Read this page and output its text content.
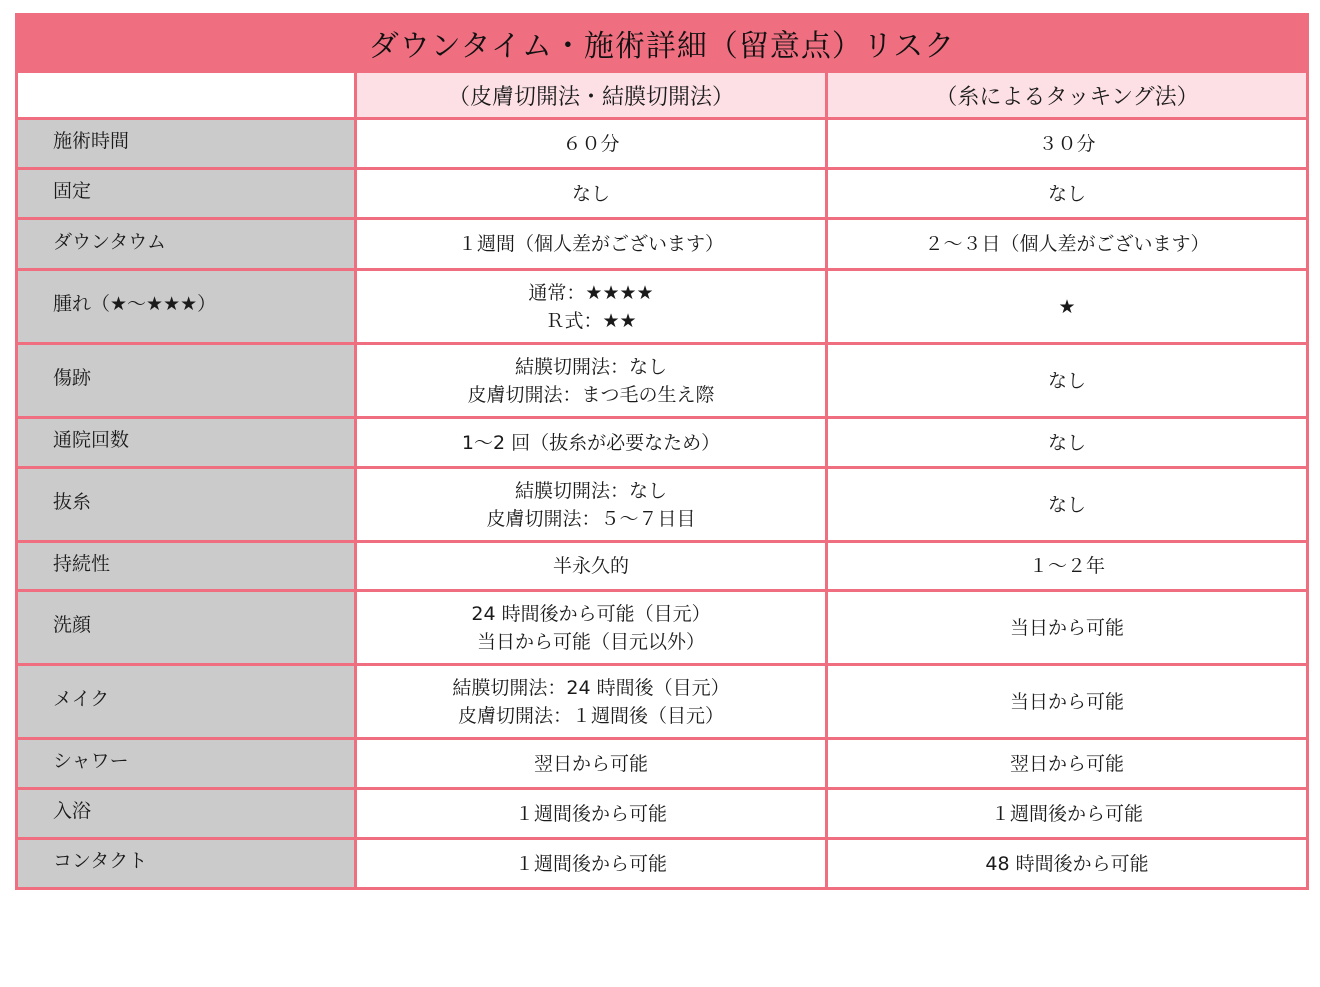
ダウンタイム・施術詳細（留意点）リスク		
	（皮膚切開法・結膜切開法）	（糸によるタッキング法）
施術時間	６０分	３０分

固定	なし	なし

ダウンタウム	１週間（個人差がございます）	２〜３日（個人差がございます）

腫れ（★〜★★★）	通常：★★★★
Ｒ式：★★	★

傷跡	結膜切開法：なし
皮膚切開法：まつ毛の生え際	なし

通院回数	1〜2 回（抜糸が必要なため）	なし

抜糸	結膜切開法：なし
皮膚切開法：５〜７日目	なし

持続性	半永久的	１〜２年

洗顔	24 時間後から可能（目元）
当日から可能（目元以外）	当日から可能

メイク	結膜切開法：24 時間後（目元）
皮膚切開法：１週間後（目元）	当日から可能

シャワー	翌日から可能	翌日から可能

入浴	１週間後から可能	１週間後から可能

コンタクト	１週間後から可能	48 時間後から可能
